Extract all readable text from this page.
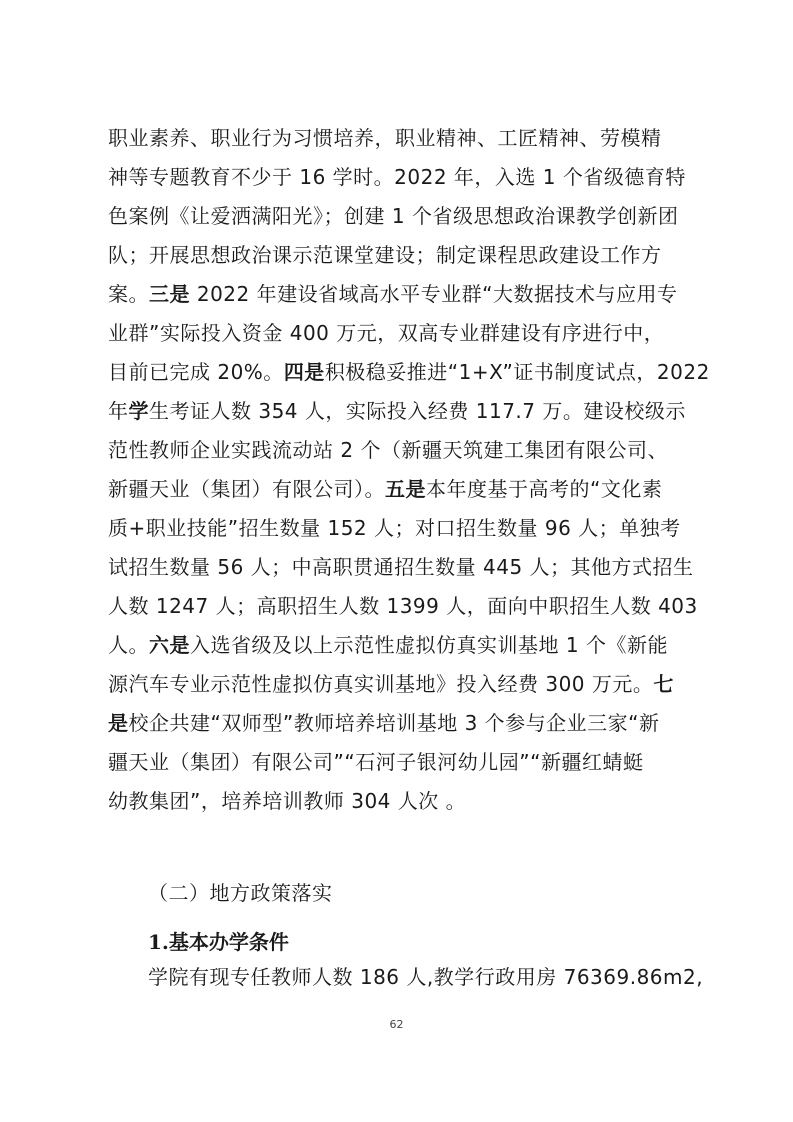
职业素养、职业行为习惯培养，职业精神、工匠精神、劳模精
神等专题教育不少于 16 学时。2022 年，入选 1 个省级德育特
色案例《让爱洒满阳光》；创建 1 个省级思想政治课教学创新团
队；开展思想政治课示范课堂建设；制定课程思政建设工作方
案。三是 2022 年建设省域高水平专业群“大数据技术与应用专
业群”实际投入资金 400 万元，双高专业群建设有序进行中，
目前已完成 20%。四是积极稳妥推进“1+X”证书制度试点，2022
年学生考证人数 354 人，实际投入经费 117.7 万。建设校级示
范性教师企业实践流动站 2 个（新疆天筑建工集团有限公司、
新疆天业（集团）有限公司）。五是本年度基于高考的“文化素
质+职业技能”招生数量 152 人；对口招生数量 96 人；单独考
试招生数量 56 人；中高职贯通招生数量 445 人；其他方式招生
人数 1247 人；高职招生人数 1399 人，面向中职招生人数 403
人。六是入选省级及以上示范性虚拟仿真实训基地 1 个《新能
源汽车专业示范性虚拟仿真实训基地》投入经费 300 万元。七
是校企共建“双师型”教师培养培训基地 3 个参与企业三家“新
疆天业（集团）有限公司”“石河子银河幼儿园”“新疆红蜻蜓
幼教集团”，培养培训教师 304 人次 。
（二）地方政策落实
1.基本办学条件
学院有现专任教师人数 186 人,教学行政用房 76369.86m2,
62
